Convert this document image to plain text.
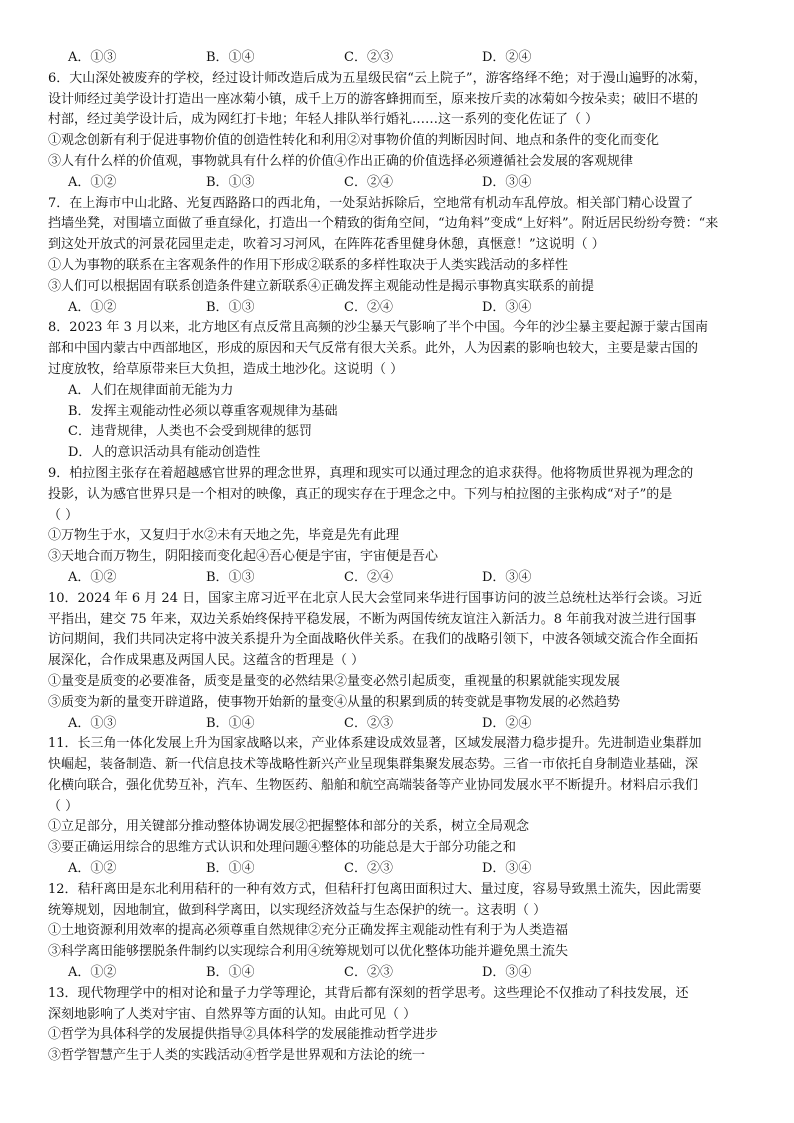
A．①③	B．①④	C．②③	D．②④
6．大山深处被废弃的学校，经过设计师改造后成为五星级民宿“云上院子”，游客络绎不绝；对于漫山遍野的冰菊，
设计师经过美学设计打造出一座冰菊小镇，成千上万的游客蜂拥而至，原来按斤卖的冰菊如今按朵卖；破旧不堪的
村部，经过美学设计后，成为网红打卡地；年轻人排队举行婚礼……这一系列的变化佐证了（ ）
①观念创新有利于促进事物价值的创造性转化和利用②对事物价值的判断因时间、地点和条件的变化而变化
③人有什么样的价值观，事物就具有什么样的价值④作出正确的价值选择必须遵循社会发展的客观规律
A．①②	B．①③	C．②④	D．③④
7．在上海市中山北路、光复西路路口的西北角，一处泵站拆除后，空地常有机动车乱停放。相关部门精心设置了
挡墙坐凳，对围墙立面做了垂直绿化，打造出一个精致的街角空间，“边角料”变成“上好料”。附近居民纷纷夸赞：“来
到这处开放式的河景花园里走走，吹着习习河风，在阵阵花香里健身休憩，真惬意！”这说明（ ）
①人为事物的联系在主客观条件的作用下形成②联系的多样性取决于人类实践活动的多样性
③人们可以根据固有联系创造条件建立新联系④正确发挥主观能动性是揭示事物真实联系的前提
A．①②	B．①③	C．②④	D．③④
8．2023 年 3 月以来，北方地区有点反常且高频的沙尘暴天气影响了半个中国。今年的沙尘暴主要起源于蒙古国南
部和中国内蒙古中西部地区，形成的原因和天气反常有很大关系。此外，人为因素的影响也较大，主要是蒙古国的
过度放牧，给草原带来巨大负担，造成土地沙化。这说明（ ）
A．人们在规律面前无能为力
B．发挥主观能动性必须以尊重客观规律为基础
C．违背规律，人类也不会受到规律的惩罚
D．人的意识活动具有能动创造性
9．柏拉图主张存在着超越感官世界的理念世界，真理和现实可以通过理念的追求获得。他将物质世界视为理念的
投影，认为感官世界只是一个相对的映像，真正的现实存在于理念之中。下列与柏拉图的主张构成“对子”的是
（ ）
①万物生于水，又复归于水②未有天地之先，毕竟是先有此理
③天地合而万物生，阴阳接而变化起④吾心便是宇宙，宇宙便是吾心
A．①②	B．①③	C．②④	D．③④
10．2024 年 6 月 24 日，国家主席习近平在北京人民大会堂同来华进行国事访问的波兰总统杜达举行会谈。习近
平指出，建交 75 年来，双边关系始终保持平稳发展，不断为两国传统友谊注入新活力。8 年前我对波兰进行国事
访问期间，我们共同决定将中波关系提升为全面战略伙伴关系。在我们的战略引领下，中波各领域交流合作全面拓
展深化，合作成果惠及两国人民。这蕴含的哲理是（ ）
①量变是质变的必要准备，质变是量变的必然结果②量变必然引起质变，重视量的积累就能实现发展
③质变为新的量变开辟道路，使事物开始新的量变④从量的积累到质的转变就是事物发展的必然趋势
A．①③	B．①④	C．②③	D．②④
11．长三角一体化发展上升为国家战略以来，产业体系建设成效显著，区域发展潜力稳步提升。先进制造业集群加
快崛起，装备制造、新一代信息技术等战略性新兴产业呈现集群集聚发展态势。三省一市依托自身制造业基础，深
化横向联合，强化优势互补，汽车、生物医药、船舶和航空高端装备等产业协同发展水平不断提升。材料启示我们
（ ）
①立足部分，用关键部分推动整体协调发展②把握整体和部分的关系，树立全局观念
③要正确运用综合的思维方式认识和处理问题④整体的功能总是大于部分功能之和
A．①②	B．①④	C．②③	D．③④
12．秸秆离田是东北利用秸秆的一种有效方式，但秸秆打包离田面积过大、量过度，容易导致黑土流失，因此需要
统筹规划，因地制宜，做到科学离田，以实现经济效益与生态保护的统一。这表明（ ）
①土地资源利用效率的提高必须尊重自然规律②充分正确发挥主观能动性有利于为人类造福
③科学离田能够摆脱条件制约以实现综合利用④统筹规划可以优化整体功能并避免黑土流失
A．①②	B．①④	C．②③	D．③④
13．现代物理学中的相对论和量子力学等理论，其背后都有深刻的哲学思考。这些理论不仅推动了科技发展，还
深刻地影响了人类对宇宙、自然界等方面的认知。由此可见（ ）
①哲学为具体科学的发展提供指导②具体科学的发展能推动哲学进步
③哲学智慧产生于人类的实践活动④哲学是世界观和方法论的统一
